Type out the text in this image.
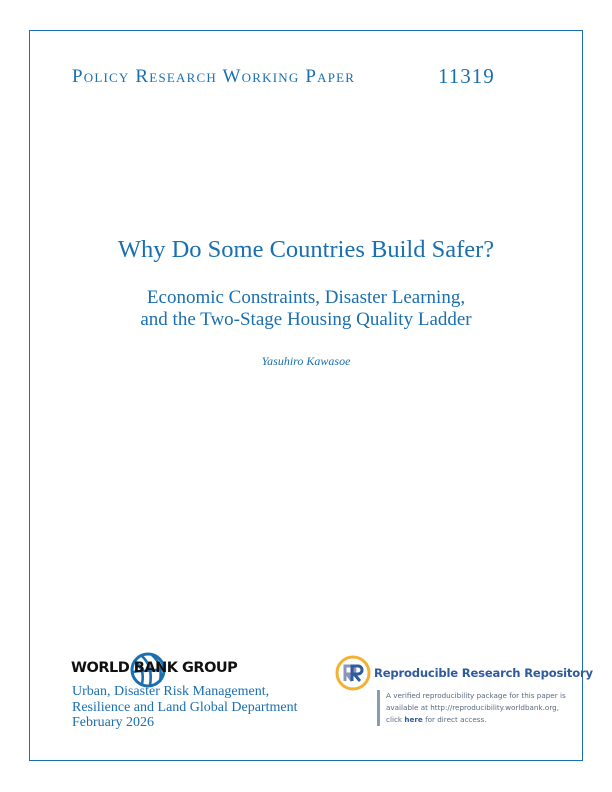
Policy Research Working Paper	11319
Why Do Some Countries Build Safer?
Economic Constraints, Disaster Learning,
and the Two-Stage Housing Quality Ladder
Yasuhiro Kawasoe
WORLD BANK GROUP
Urban, Disaster Risk Management,
Resilience and Land Global Department
February 2026
Reproducible Research Repository
A verified reproducibility package for this paper is
available at http://reproducibility.worldbank.org,
click here for direct access.
